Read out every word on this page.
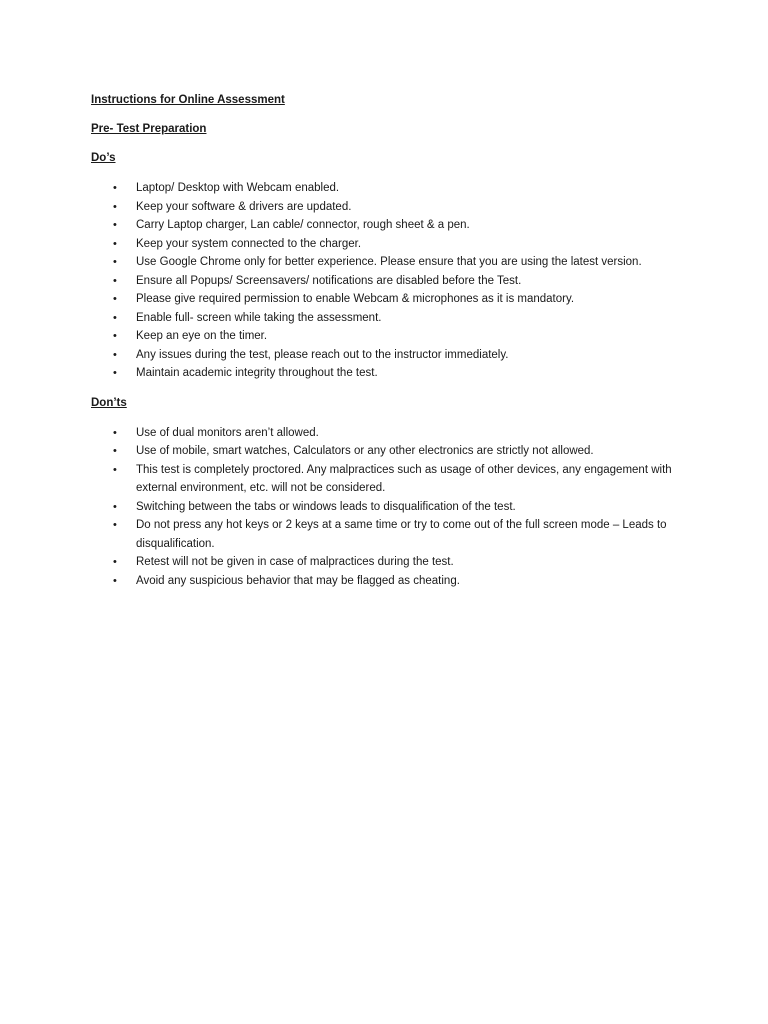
Instructions for Online Assessment
Pre- Test Preparation
Do’s
• Laptop/ Desktop with Webcam enabled.
• Keep your software & drivers are updated.
• Carry Laptop charger, Lan cable/ connector, rough sheet & a pen.
• Keep your system connected to the charger.
• Use Google Chrome only for better experience. Please ensure that you are using the latest version.
• Ensure all Popups/ Screensavers/ notifications are disabled before the Test.
• Please give required permission to enable Webcam & microphones as it is mandatory.
• Enable full- screen while taking the assessment.
• Keep an eye on the timer.
• Any issues during the test, please reach out to the instructor immediately.
• Maintain academic integrity throughout the test.
Don’ts
• Use of dual monitors aren’t allowed.
• Use of mobile, smart watches, Calculators or any other electronics are strictly not allowed.
• This test is completely proctored. Any malpractices such as usage of other devices, any engagement with external environment, etc. will not be considered.
• Switching between the tabs or windows leads to disqualification of the test.
• Do not press any hot keys or 2 keys at a same time or try to come out of the full screen mode – Leads to disqualification.
• Retest will not be given in case of malpractices during the test.
• Avoid any suspicious behavior that may be flagged as cheating.
